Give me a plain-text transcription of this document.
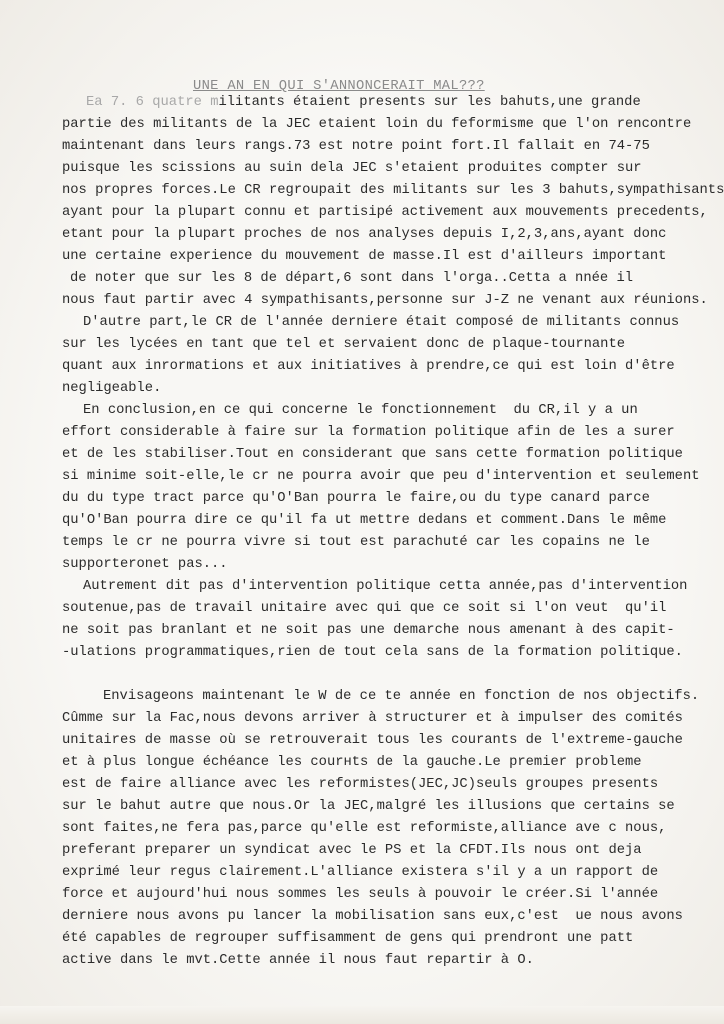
UNE AN EN QUI S'ANNONCERAIT MAL???
Ea 7. 6 quatre militants étaient presents sur les bahuts,une grande
partie des militants de la JEC etaient loin du feformisme que l'on rencontre
maintenant dans leurs rangs.73 est notre point fort.Il fallait en 74-75
puisque les scissions au suin dela JEC s'etaient produites compter sur
nos propres forces.Le CR regroupait des militants sur les 3 bahuts,sympathisants
ayant pour la plupart connu et partisipé activement aux mouvements precedents,
etant pour la plupart proches de nos analyses depuis I,2,3,ans,ayant donc
une certaine experience du mouvement de masse.Il est d'ailleurs important
de noter que sur les 8 de départ,6 sont dans l'orga..Cetta a nnée il
nous faut partir avec 4 sympathisants,personne sur J-Z ne venant aux réunions.
D'autre part,le CR de l'année derniere était composé de militants connus
sur les lycées en tant que tel et servaient donc de plaque-tournante
quant aux inrormations et aux initiatives à prendre,ce qui est loin d'être
negligeable.
En conclusion,en ce qui concerne le fonctionnement  du CR,il y a un
effort considerable à faire sur la formation politique afin de les a surer
et de les stabiliser.Tout en considerant que sans cette formation politique
si minime soit-elle,le cr ne pourra avoir que peu d'intervention et seulement
du du type tract parce qu'O'Ban pourra le faire,ou du type canard parce
qu'O'Ban pourra dire ce qu'il fa ut mettre dedans et comment.Dans le même
temps le cr ne pourra vivre si tout est parachuté car les copains ne le
supporteronet pas...
Autrement dit pas d'intervention politique cetta année,pas d'intervention
soutenue,pas de travail unitaire avec qui que ce soit si l'on veut  qu'il
ne soit pas branlant et ne soit pas une demarche nous amenant à des capit-
-ulations programmatiques,rien de tout cela sans de la formation politique.
Envisageons maintenant le W de ce te année en fonction de nos objectifs.
Cûmme sur la Fac,nous devons arriver à structurer et à impulser des comités
unitaires de masse où se retrouverait tous les courants de l'extreme-gauche
et à plus longue échéance les courнts de la gauche.Le premier probleme
est de faire alliance avec les reformistes(JEC,JC)seuls groupes presents
sur le bahut autre que nous.Or la JEC,malgré les illusions que certains se
sont faites,ne fera pas,parce qu'elle est reformiste,alliance ave c nous,
preferant preparer un syndicat avec le PS et la CFDT.Ils nous ont deja
exprimé leur regus clairement.L'alliance existera s'il y a un rapport de
force et aujourd'hui nous sommes les seuls à pouvoir le créer.Si l'année
derniere nous avons pu lancer la mobilisation sans eux,c'est  ue nous avons
été capables de regrouper suffisamment de gens qui prendront une patt
active dans le mvt.Cette année il nous faut repartir à O.
